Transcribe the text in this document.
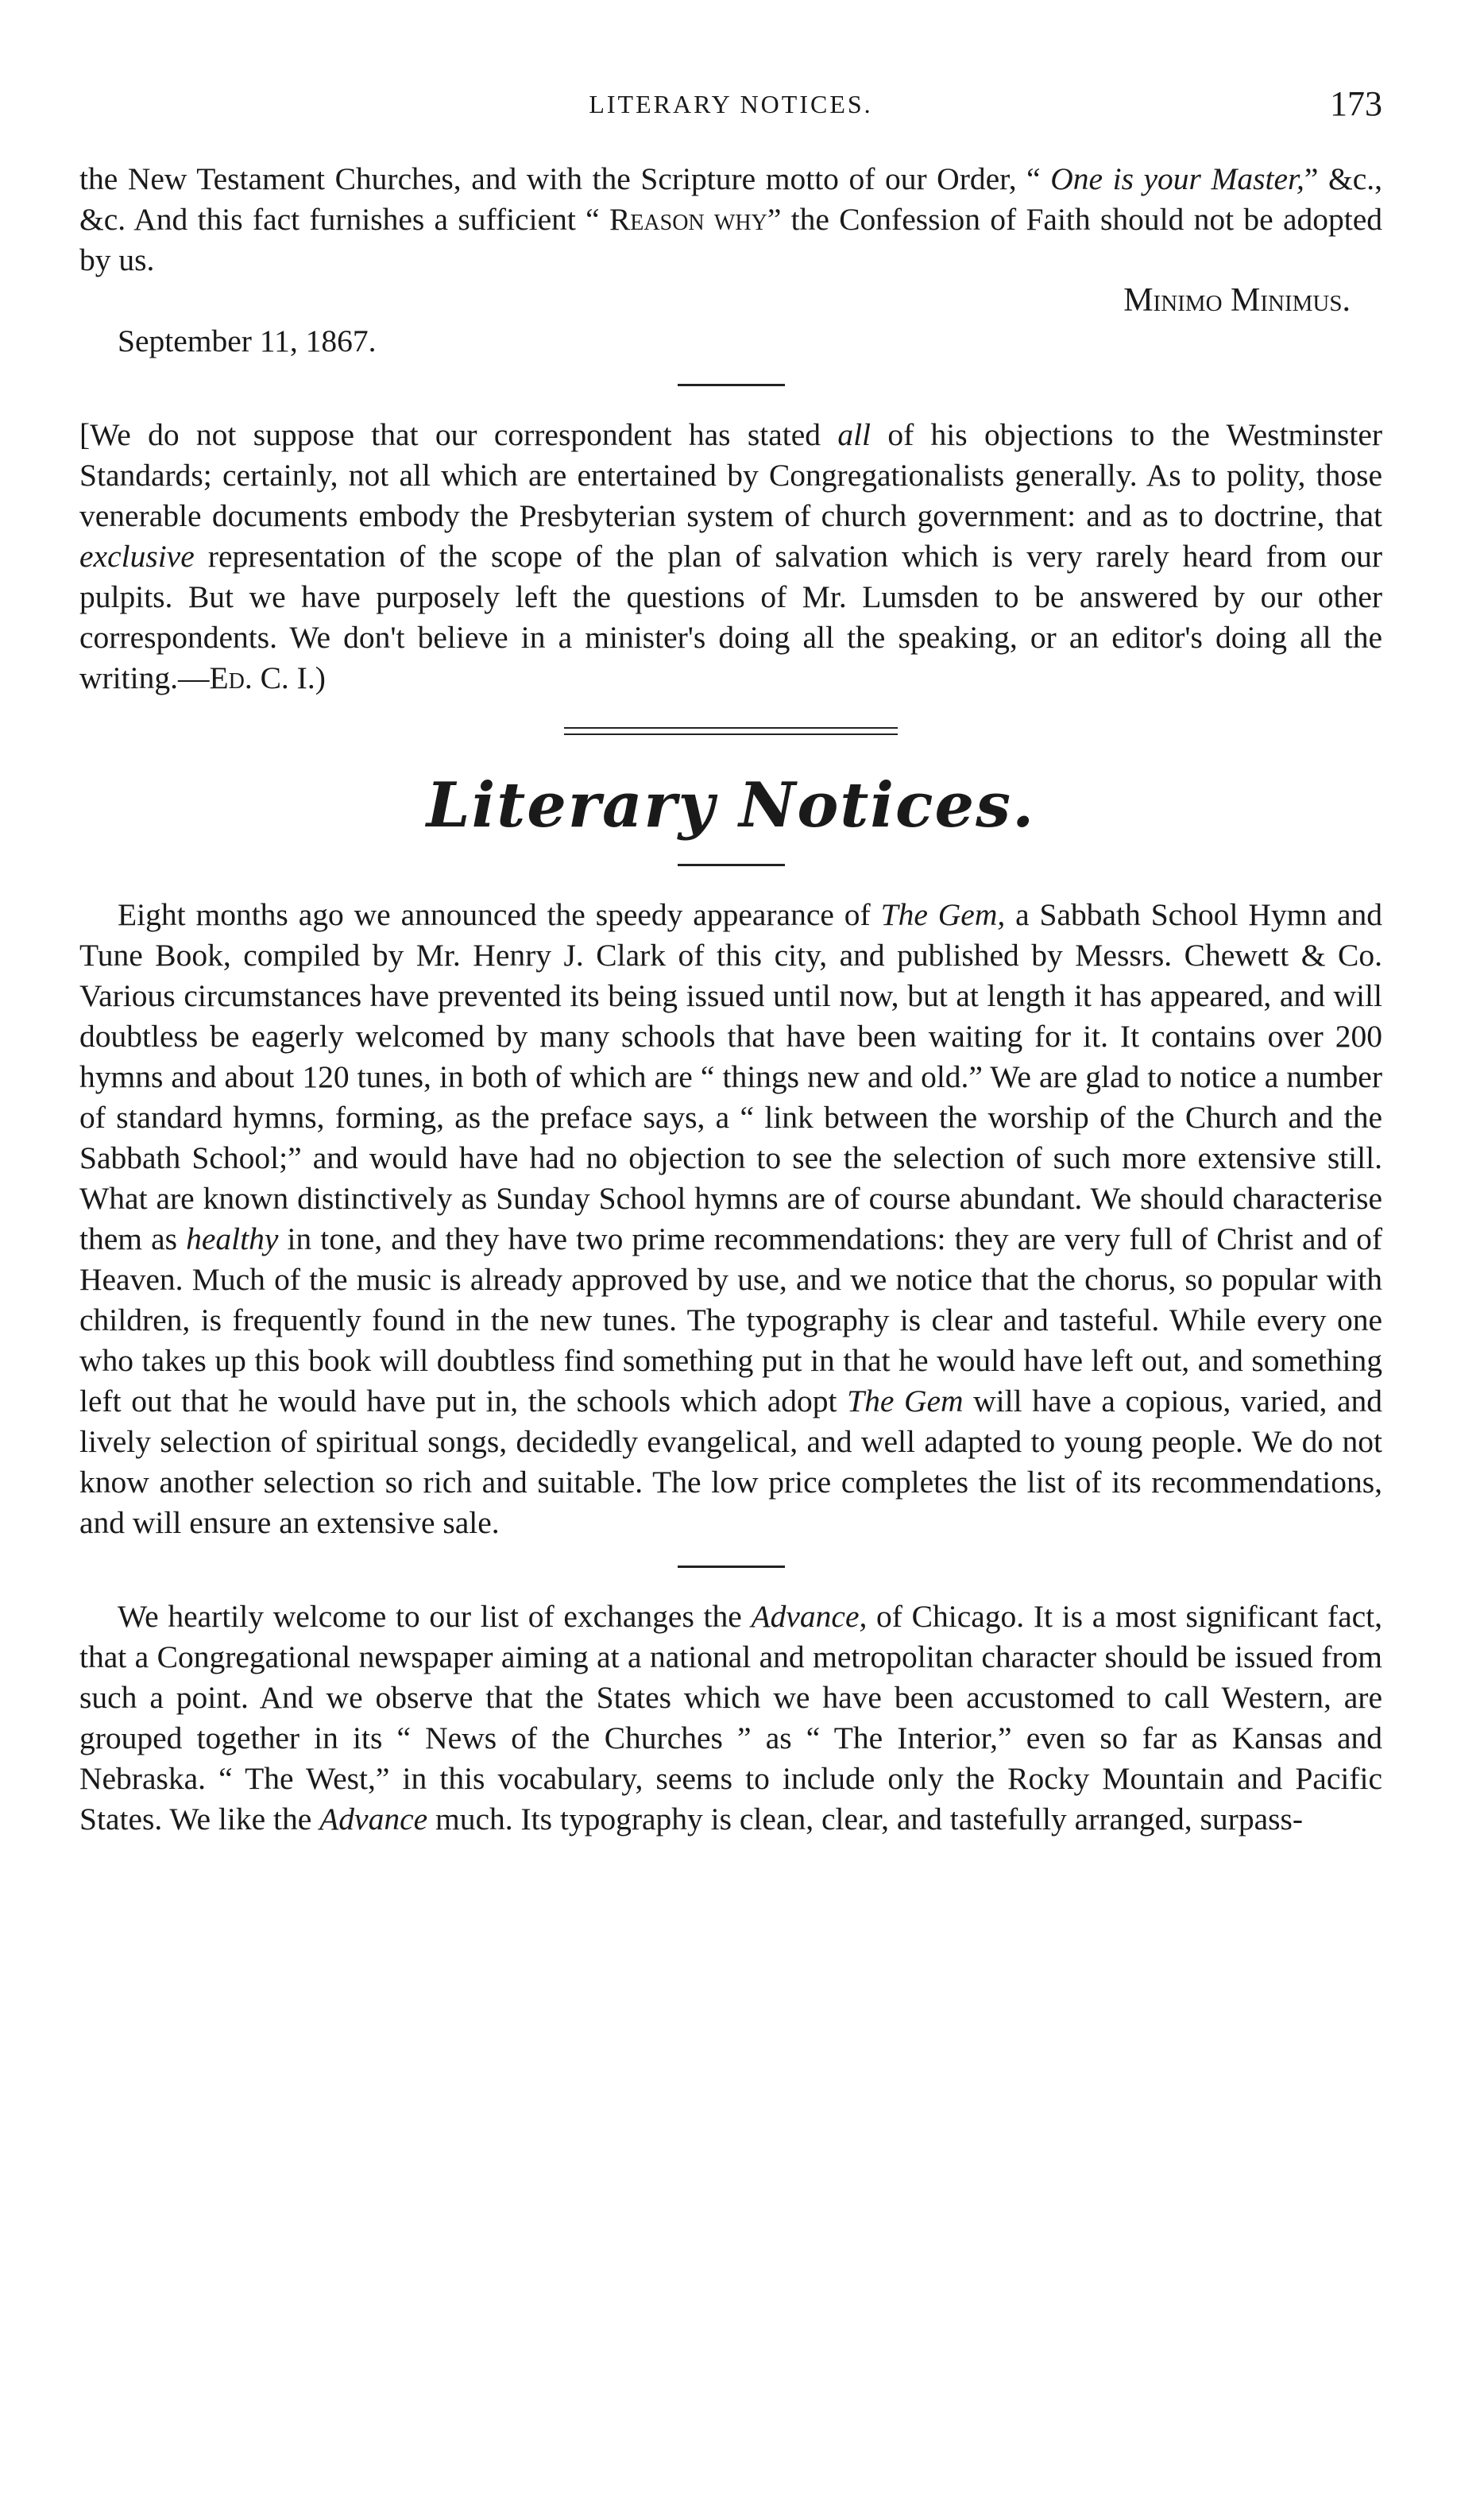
LITERARY NOTICES.	173

the New Testament Churches, and with the Scripture motto of our Order, “ One is your Master,” &c., &c. And this fact furnishes a sufficient “ Reason why” the Confession of Faith should not be adopted by us.

Minimo Minimus.
September 11, 1867.

[We do not suppose that our correspondent has stated all of his objections to the Westminster Standards; certainly, not all which are entertained by Congregationalists generally. As to polity, those venerable documents embody the Presbyterian system of church government: and as to doctrine, that exclusive representation of the scope of the plan of salvation which is very rarely heard from our pulpits. But we have purposely left the questions of Mr. Lumsden to be answered by our other correspondents. We don't believe in a minister's doing all the speaking, or an editor's doing all the writing.—Ed. C. I.)

Literary Notices.

Eight months ago we announced the speedy appearance of The Gem, a Sabbath School Hymn and Tune Book, compiled by Mr. Henry J. Clark of this city, and published by Messrs. Chewett & Co. Various circumstances have prevented its being issued until now, but at length it has appeared, and will doubtless be eagerly welcomed by many schools that have been waiting for it. It contains over 200 hymns and about 120 tunes, in both of which are “ things new and old.” We are glad to notice a number of standard hymns, forming, as the preface says, a “ link between the worship of the Church and the Sabbath School;” and would have had no objection to see the selection of such more extensive still. What are known distinctively as Sunday School hymns are of course abundant. We should characterise them as healthy in tone, and they have two prime recommendations: they are very full of Christ and of Heaven. Much of the music is already approved by use, and we notice that the chorus, so popular with children, is frequently found in the new tunes. The typography is clear and tasteful. While every one who takes up this book will doubtless find something put in that he would have left out, and something left out that he would have put in, the schools which adopt The Gem will have a copious, varied, and lively selection of spiritual songs, decidedly evangelical, and well adapted to young people. We do not know another selection so rich and suitable. The low price completes the list of its recommendations, and will ensure an extensive sale.

We heartily welcome to our list of exchanges the Advance, of Chicago. It is a most significant fact, that a Congregational newspaper aiming at a national and metropolitan character should be issued from such a point. And we observe that the States which we have been accustomed to call Western, are grouped together in its “ News of the Churches ” as “ The Interior,” even so far as Kansas and Nebraska. “ The West,” in this vocabulary, seems to include only the Rocky Mountain and Pacific States. We like the Advance much. Its typography is clean, clear, and tastefully arranged, surpass-
